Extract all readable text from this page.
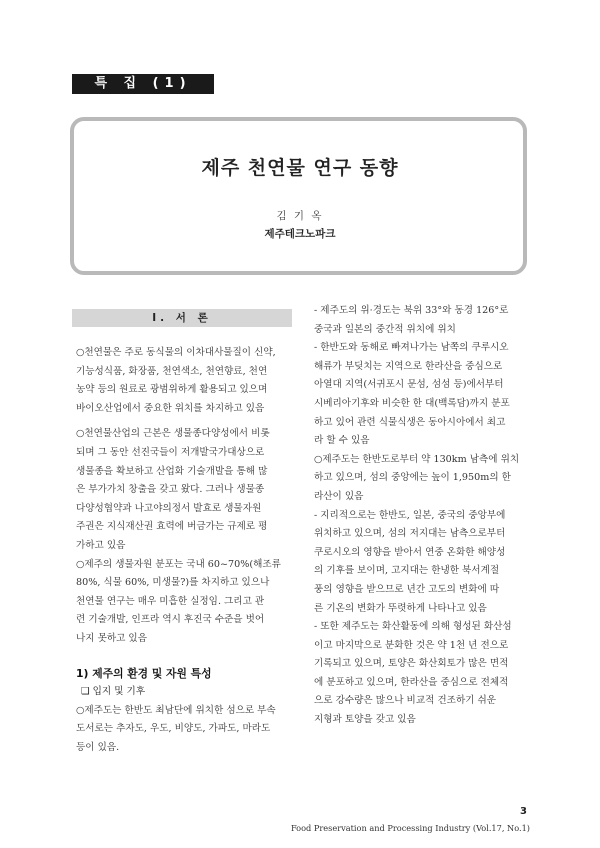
특 집 (1)
제주 천연물 연구 동향
김 기 옥
제주테크노파크
Ⅰ. 서 론

○천연물은 주로 동식물의 이차대사물질이 신약,

기능성식품, 화장품, 천연색소, 천연향료, 천연

농약 등의 원료로 광범위하게 활용되고 있으며

바이오산업에서 중요한 위치를 차지하고 있음

○천연물산업의 근본은 생물종다양성에서 비롯

되며 그 동안 선진국들이 저개발국가대상으로

생물종을 확보하고 산업화 기술개발을 통해 많

은 부가가치 창출을 갖고 왔다. 그러나 생물종

다양성협약과 나고야의정서 발효로 생물자원

주권은 지식재산권 효력에 버금가는 규제로 평

가하고 있음

○제주의 생물자원 분포는 국내 60~70%(해조류

80%, 식물 60%, 미생물?)를 차지하고 있으나

천연물 연구는 매우 미흡한 실정임. 그리고 관

련 기술개발, 인프라 역시 후진국 수준을 벗어

나지 못하고 있음

1) 제주의 환경 및 자원 특성

❑ 입지 및 기후

○제주도는 한반도 최남단에 위치한 섬으로 부속

도서로는 추자도, 우도, 비양도, 가파도, 마라도

등이 있음.

- 제주도의 위·경도는 북위 33°와 동경 126°로

중국과 일본의 중간적 위치에 위치

- 한반도와 동해로 빠져나가는 남쪽의 쿠루시오

해류가 부딪치는 지역으로 한라산을 중심으로

아열대 지역(서귀포시 문섬, 섬섬 등)에서부터

시베리아기후와 비슷한 한 대(백록담)까지 분포

하고 있어 관련 식물식생은 동아시아에서 최고

라 할 수 있음

○제주도는 한반도로부터 약 130km 남측에 위치

하고 있으며, 섬의 중앙에는 높이 1,950m의 한

라산이 있음

- 지리적으로는 한반도, 일본, 중국의 중앙부에

위치하고 있으며, 섬의 저지대는 남측으로부터

쿠로시오의 영향을 받아서 연중 온화한 해양성

의 기후를 보이며, 고지대는 한냉한 북서계절

풍의 영향을 받으므로 년간 고도의 변화에 따

른 기온의 변화가 뚜렷하게 나타나고 있음

- 또한 제주도는 화산활동에 의해 형성된 화산섬

이고 마지막으로 분화한 것은 약 1천 년 전으로

기록되고 있으며, 토양은 화산회토가 많은 면적

에 분포하고 있으며, 한라산을 중심으로 전체적

으로 강수량은 많으나 비교적 건조하기 쉬운

지형과 토양을 갖고 있음

3
Food Preservation and Processing Industry (Vol.17, No.1)
